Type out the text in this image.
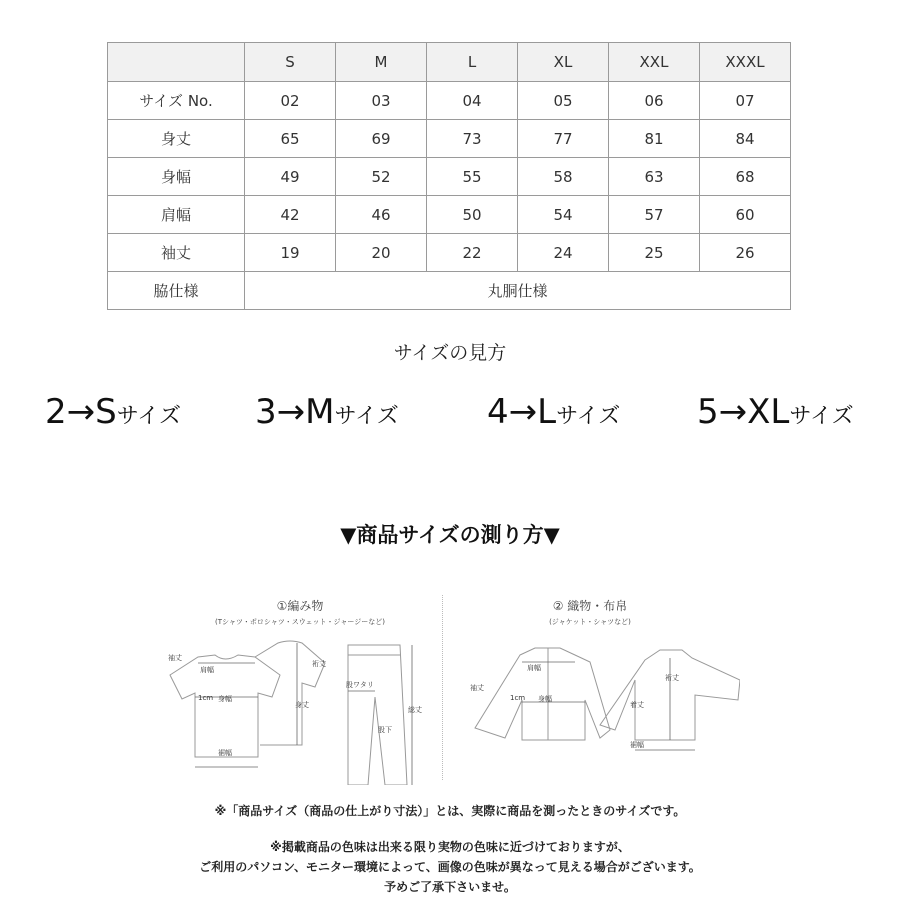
	S	M	L	XL	XXL	XXXL
サイズ No.	02	03	04	05	06	07
身丈	65	69	73	77	81	84
身幅	49	52	55	58	63	68
肩幅	42	46	50	54	57	60
袖丈	19	20	22	24	25	26
脇仕様	丸胴仕様					
サイズの見方
2→Sサイズ 3→Mサイズ	4→Lサイズ 5→XLサイズ
▼商品サイズの測り方▼
①編み物
(Tシャツ・ポロシャツ・スウェット・ジャージーなど)
袖丈
肩幅
1cm 身幅
裄丈
身丈
裾幅
股ワタリ
股下
総丈
② 織物・布帛
(ジャケット・シャツなど)
袖丈
肩幅
1cm 身幅
裄丈
着丈
裾幅
※「商品サイズ（商品の仕上がり寸法）」とは、実際に商品を測ったときのサイズです。
※掲載商品の色味は出来る限り実物の色味に近づけておりますが、
ご利用のパソコン、モニター環境によって、画像の色味が異なって見える場合がございます。
予めご了承下さいませ。
